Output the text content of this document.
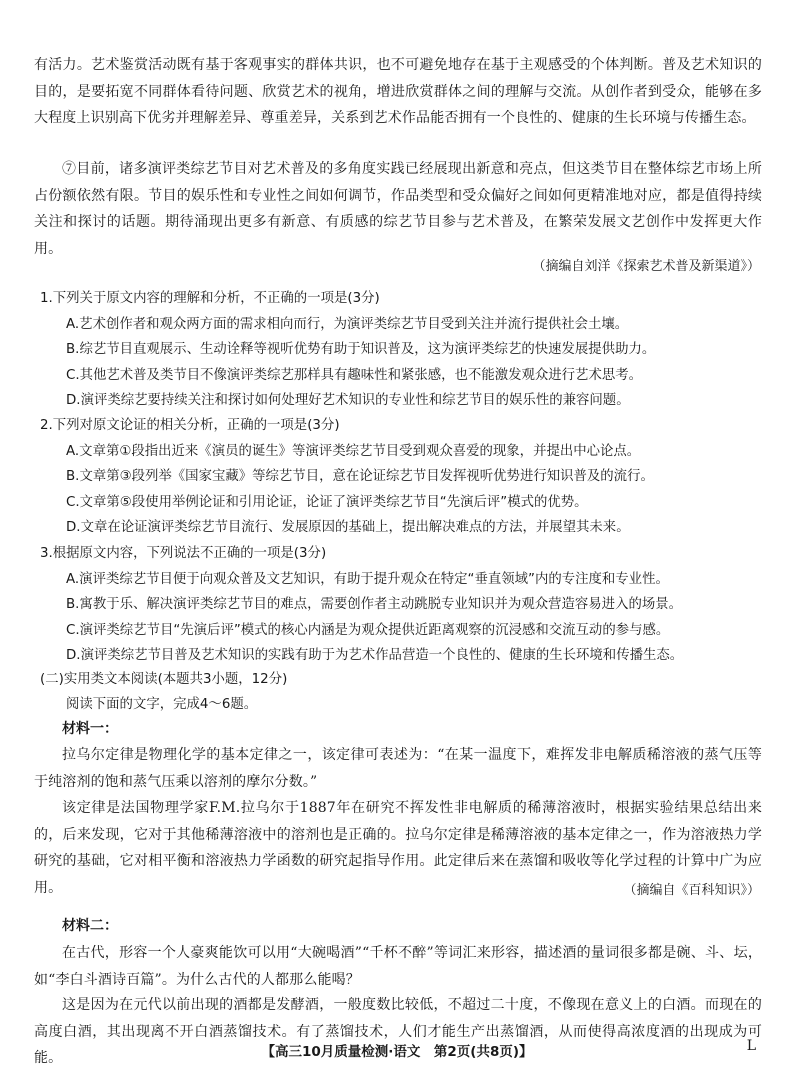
有活力。艺术鉴赏活动既有基于客观事实的群体共识，也不可避免地存在基于主观感受的个体判断。普及艺术知识的目的，是要拓宽不同群体看待问题、欣赏艺术的视角，增进欣赏群体之间的理解与交流。从创作者到受众，能够在多大程度上识别高下优劣并理解差异、尊重差异，关系到艺术作品能否拥有一个良性的、健康的生长环境与传播生态。

⑦目前，诸多演评类综艺节目对艺术普及的多角度实践已经展现出新意和亮点，但这类节目在整体综艺市场上所占份额依然有限。节目的娱乐性和专业性之间如何调节，作品类型和受众偏好之间如何更精准地对应，都是值得持续关注和探讨的话题。期待涌现出更多有新意、有质感的综艺节目参与艺术普及，在繁荣发展文艺创作中发挥更大作用。

（摘编自刘洋《探索艺术普及新渠道》）

1.下列关于原文内容的理解和分析，不正确的一项是(3分)
A.艺术创作者和观众两方面的需求相向而行，为演评类综艺节目受到关注并流行提供社会土壤。
B.综艺节目直观展示、生动诠释等视听优势有助于知识普及，这为演评类综艺的快速发展提供助力。
C.其他艺术普及类节目不像演评类综艺那样具有趣味性和紧张感，也不能激发观众进行艺术思考。
D.演评类综艺要持续关注和探讨如何处理好艺术知识的专业性和综艺节目的娱乐性的兼容问题。
2.下列对原文论证的相关分析，正确的一项是(3分)
A.文章第①段指出近来《演员的诞生》等演评类综艺节目受到观众喜爱的现象，并提出中心论点。
B.文章第③段列举《国家宝藏》等综艺节目，意在论证综艺节目发挥视听优势进行知识普及的流行。
C.文章第⑤段使用举例论证和引用论证，论证了演评类综艺节目“先演后评”模式的优势。
D.文章在论证演评类综艺节目流行、发展原因的基础上，提出解决难点的方法，并展望其未来。
3.根据原文内容，下列说法不正确的一项是(3分)
A.演评类综艺节目便于向观众普及文艺知识，有助于提升观众在特定“垂直领域”内的专注度和专业性。
B.寓教于乐、解决演评类综艺节目的难点，需要创作者主动跳脱专业知识并为观众营造容易进入的场景。
C.演评类综艺节目“先演后评”模式的核心内涵是为观众提供近距离观察的沉浸感和交流互动的参与感。
D.演评类综艺节目普及艺术知识的实践有助于为艺术作品营造一个良性的、健康的生长环境和传播生态。

(二)实用类文本阅读(本题共3小题，12分)

阅读下面的文字，完成4～6题。

材料一：

拉乌尔定律是物理化学的基本定律之一，该定律可表述为：“在某一温度下，难挥发非电解质稀溶液的蒸气压等于纯溶剂的饱和蒸气压乘以溶剂的摩尔分数。”

该定律是法国物理学家F.M.拉乌尔于1887年在研究不挥发性非电解质的稀薄溶液时，根据实验结果总结出来的，后来发现，它对于其他稀薄溶液中的溶剂也是正确的。拉乌尔定律是稀薄溶液的基本定律之一，作为溶液热力学研究的基础，它对相平衡和溶液热力学函数的研究起指导作用。此定律后来在蒸馏和吸收等化学过程的计算中广为应用。	（摘编自《百科知识》）

材料二：

在古代，形容一个人豪爽能饮可以用“大碗喝酒”“千杯不醉”等词汇来形容，描述酒的量词很多都是碗、斗、坛，如“李白斗酒诗百篇”。为什么古代的人都那么能喝？

这是因为在元代以前出现的酒都是发酵酒，一般度数比较低，不超过二十度，不像现在意义上的白酒。而现在的高度白酒，其出现离不开白酒蒸馏技术。有了蒸馏技术，人们才能生产出蒸馏酒，从而使得高浓度酒的出现成为可能。	【高三10月质量检测·语文　第2页(共8页)】	L
